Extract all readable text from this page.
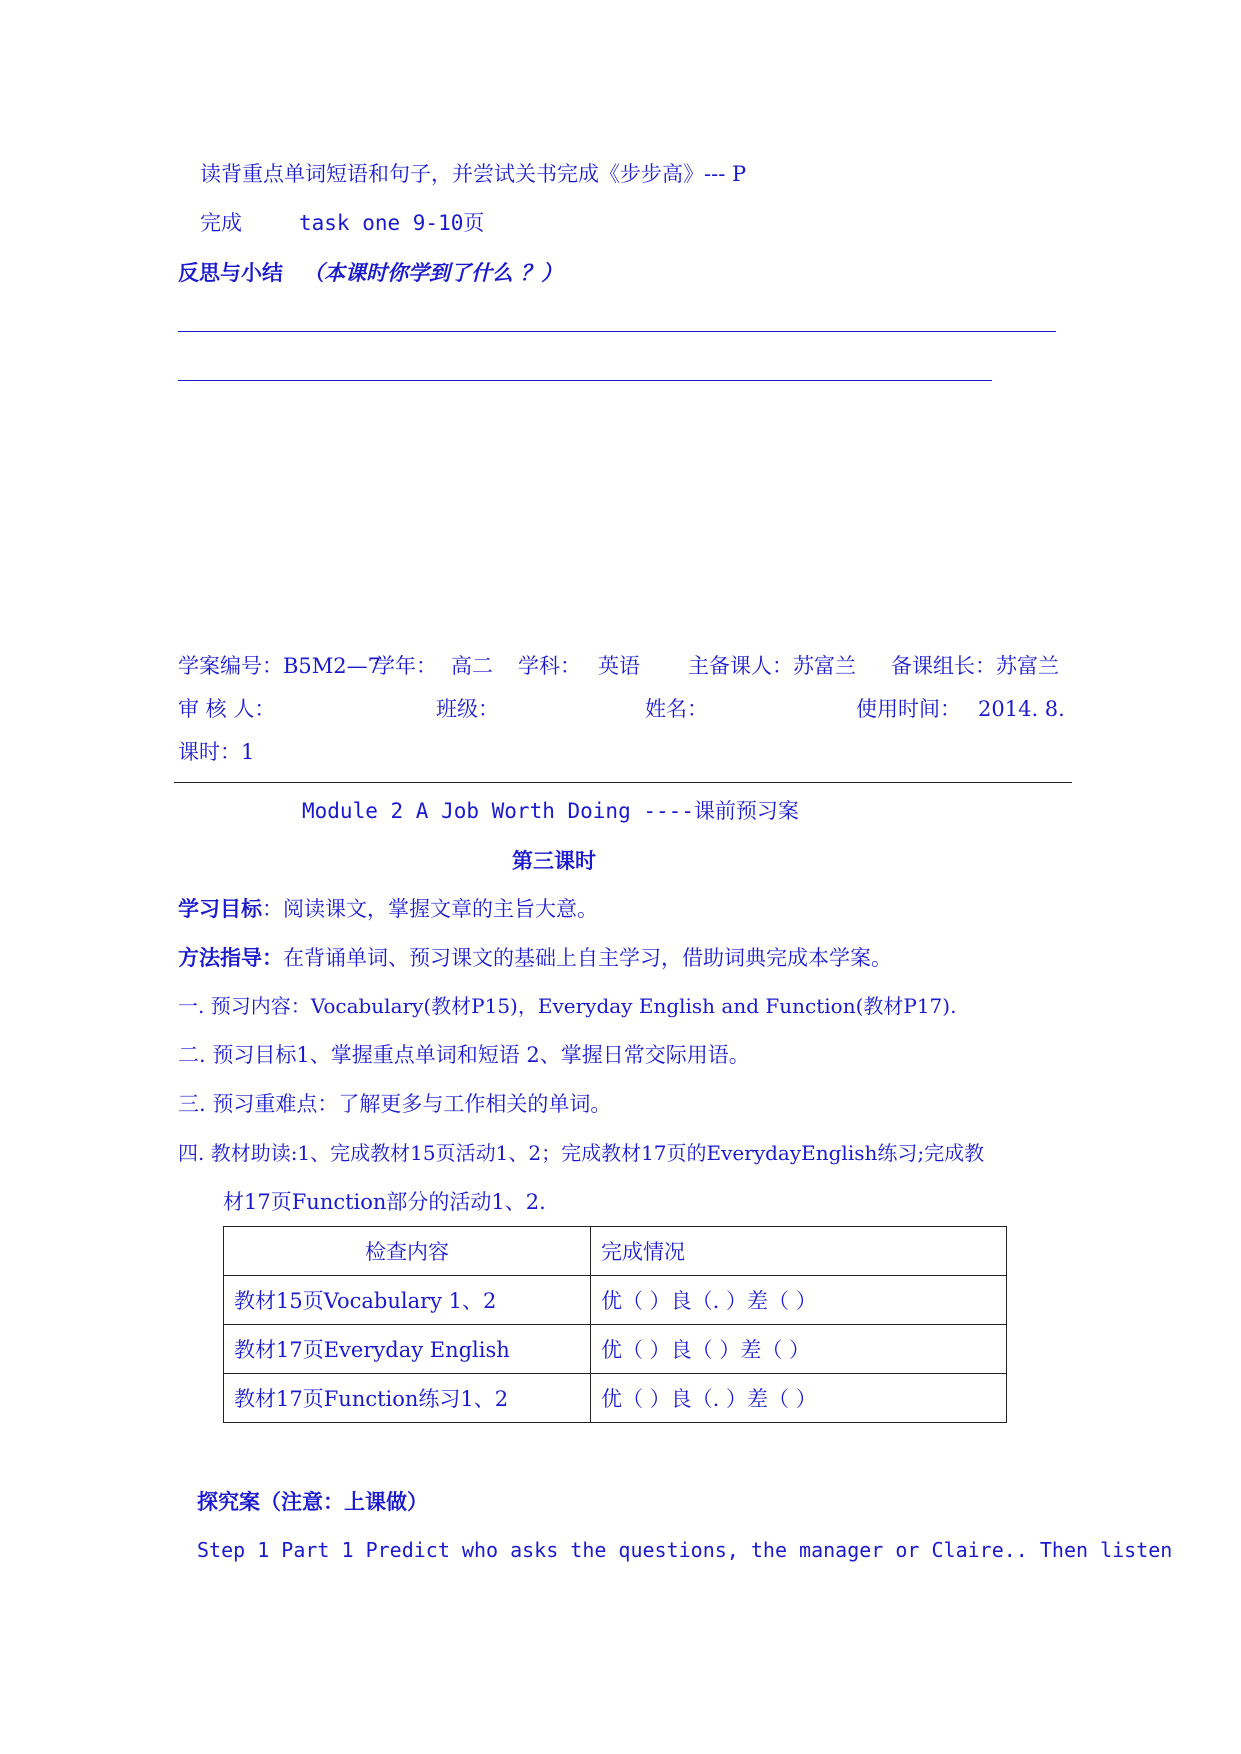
读背重点单词短语和句子，并尝试关书完成《步步高》--- P
完成	task one 9-10页
反思与小结 （本课时你学到了什么 ？）
学案编号：B5M2—7
学年： 高二 学科： 英语 主备课人：苏富兰 备课组长：苏富兰
审 核 人：	班级：	姓名：	使用时间： 2014. 8.
课时：1
Module 2 A Job Worth Doing ----课前预习案
第三课时
学习目标：阅读课文，掌握文章的主旨大意。
方法指导：在背诵单词、预习课文的基础上自主学习，借助词典完成本学案。
一. 预习内容：Vocabulary(教材P15)，Everyday English and Function(教材P17).
二. 预习目标1、掌握重点单词和短语 2、掌握日常交际用语。
三. 预习重难点：了解更多与工作相关的单词。
四. 教材助读:1、完成教材15页活动1、2；完成教材17页的EverydayEnglish练习;完成教
材17页Function部分的活动1、2.
检查内容	完成情况
教材15页Vocabulary 1、2	优（ ）良（. ）差（ ）
教材17页Everyday English	优（ ）良（ ）差（ ）
教材17页Function练习1、2	优（ ）良（. ）差（ ）
探究案（注意：上课做）
Step 1 Part 1 Predict who asks the questions, the manager or Claire.. Then listen
